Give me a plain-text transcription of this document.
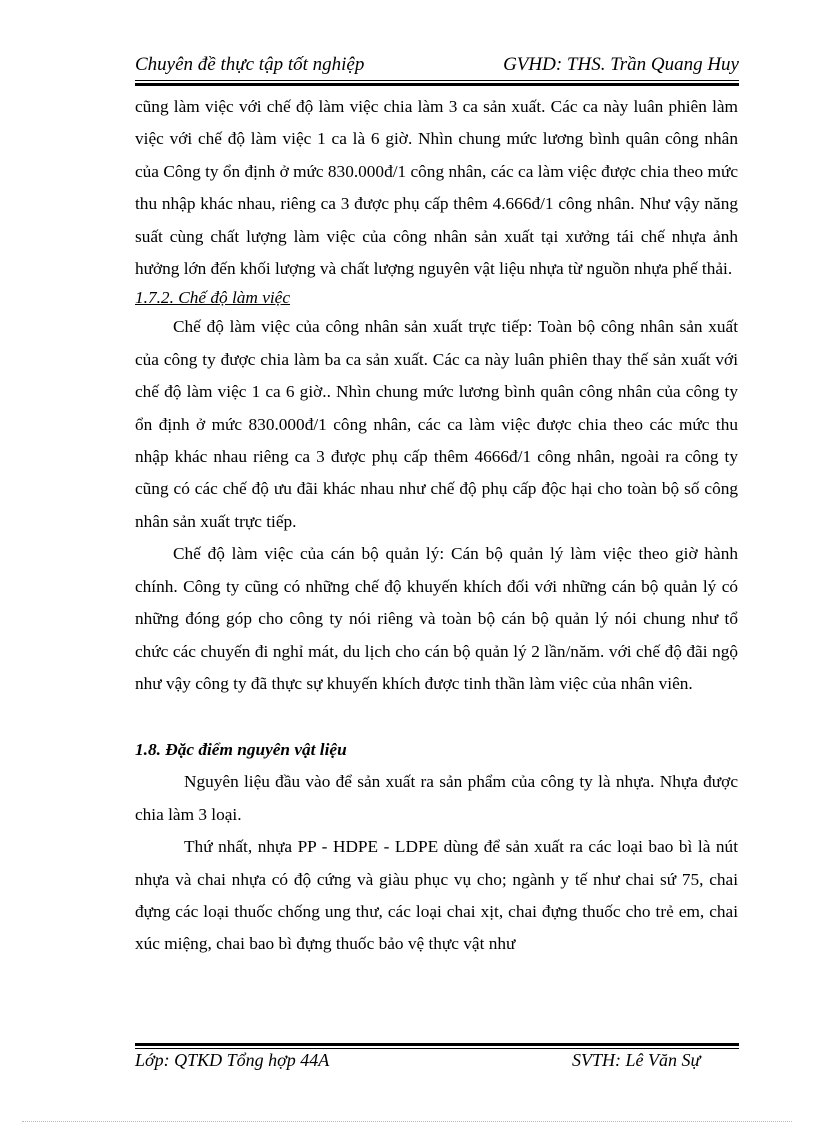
Chuyên đề thực tập tốt nghiệp	GVHD: THS. Trần Quang Huy

cũng làm việc với chế độ làm việc chia làm 3 ca sản xuất. Các ca này luân phiên làm việc với chế độ làm việc 1 ca là 6 giờ. Nhìn chung mức lương bình quân công nhân của Công ty ổn định ở mức 830.000đ/1 công nhân, các ca làm việc được chia theo mức thu nhập khác nhau, riêng ca 3 được phụ cấp thêm 4.666đ/1 công nhân. Như vậy năng suất cùng chất lượng làm việc của công nhân sản xuất tại xưởng tái chế nhựa ảnh hưởng lớn đến khối lượng và chất lượng nguyên vật liệu nhựa từ nguồn nhựa phế thải.

1.7.2. Chế độ làm việc

Chế độ làm việc của công nhân sản xuất trực tiếp: Toàn bộ công nhân sản xuất của công ty được chia làm ba ca sản xuất. Các ca này luân phiên thay thế sản xuất với chế độ làm việc 1 ca 6 giờ.. Nhìn chung mức lương bình quân công nhân của công ty ổn định ở mức 830.000đ/1 công nhân, các ca làm việc được chia theo các mức thu nhập khác nhau riêng ca 3 được phụ cấp thêm 4666đ/1 công nhân, ngoài ra công ty cũng có các chế độ ưu đãi khác nhau như chế độ phụ cấp độc hại cho toàn bộ số công nhân sản xuất trực tiếp.

Chế độ làm việc của cán bộ quản lý: Cán bộ quản lý làm việc theo giờ hành chính. Công ty cũng có những chế độ khuyến khích đối với những cán bộ quản lý có những đóng góp cho công ty nói riêng và toàn bộ cán bộ quản lý nói chung như tổ chức các chuyến đi nghỉ mát, du lịch cho cán bộ quản lý 2 lần/năm. với chế độ đãi ngộ như vậy công ty đã thực sự khuyến khích được tinh thần làm việc của nhân viên.

1.8. Đặc điểm nguyên vật liệu

Nguyên liệu đầu vào để sản xuất ra sản phẩm của công ty là nhựa. Nhựa được chia làm 3 loại.

Thứ nhất, nhựa PP - HDPE - LDPE dùng để sản xuất ra các loại bao bì là nút nhựa và chai nhựa có độ cứng và giàu phục vụ cho; ngành y tế như chai sứ 75, chai đựng các loại thuốc chống ung thư, các loại chai xịt, chai đựng thuốc cho trẻ em, chai xúc miệng, chai bao bì đựng thuốc bảo vệ thực vật như

Lớp: QTKD Tổng hợp 44A	SVTH: Lê Văn Sự
